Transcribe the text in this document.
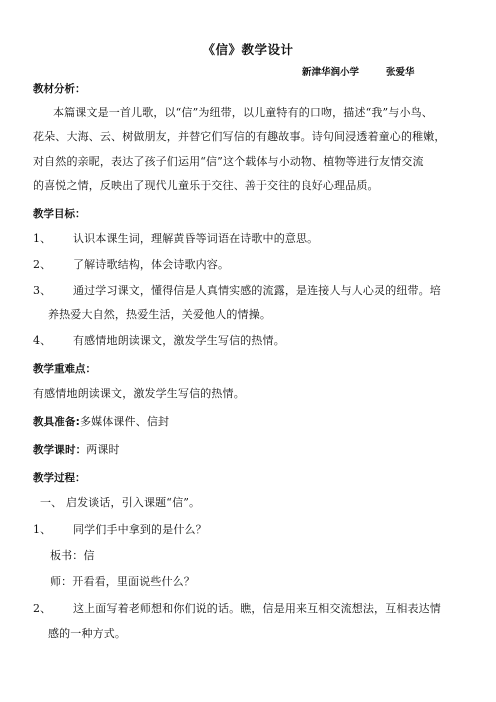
《信》教学设计
新津华润小学	张爱华
教材分析：
本篇课文是一首儿歌，以“信”为纽带，以儿童特有的口吻，描述“我”与小鸟、
花朵、大海、云、树做朋友，并替它们写信的有趣故事。诗句间浸透着童心的稚嫩，
对自然的亲昵，表达了孩子们运用“信”这个载体与小动物、植物等进行友情交流
的喜悦之情，反映出了现代儿童乐于交往、善于交往的良好心理品质。
教学目标：
1、 认识本课生词，理解黄昏等词语在诗歌中的意思。
2、 了解诗歌结构，体会诗歌内容。
3、 通过学习课文，懂得信是人真情实感的流露，是连接人与人心灵的纽带。培
养热爱大自然，热爱生活，关爱他人的情操。
4、 有感情地朗读课文，激发学生写信的热情。
教学重难点：
有感情地朗读课文，激发学生写信的热情。
教具准备:多媒体课件、信封
教学课时：两课时
教学过程：
一、 启发谈话，引入课题“信”。
1、 同学们手中拿到的是什么？
板书：信
师：开看看，里面说些什么？
2、 这上面写着老师想和你们说的话。瞧，信是用来互相交流想法，互相表达情
感的一种方式。
